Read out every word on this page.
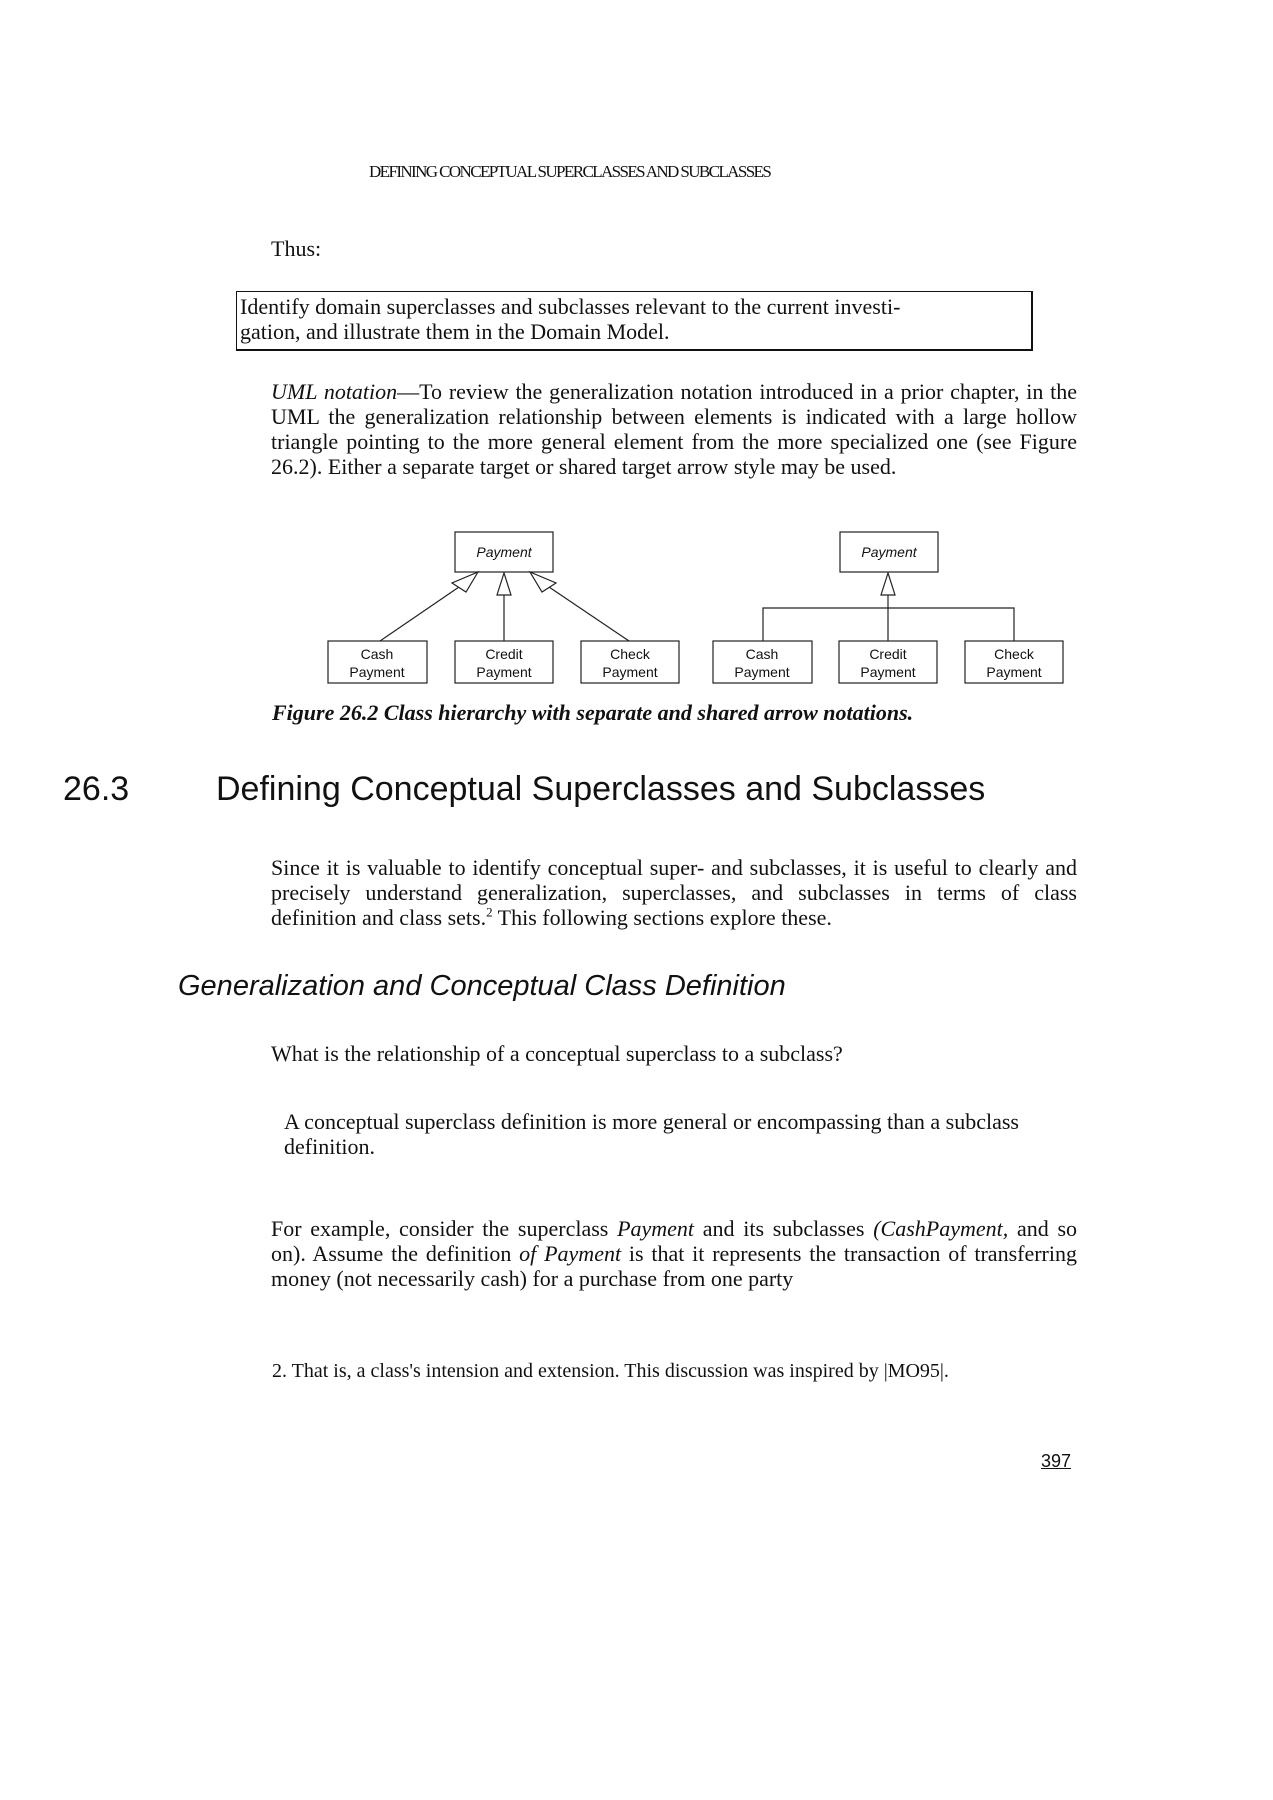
DEFINING CONCEPTUAL SUPERCLASSES AND SUBCLASSES
Thus:
Identify domain superclasses and subclasses relevant to the current investi-
gation, and illustrate them in the Domain Model.
UML notation—To review the generalization notation introduced in a prior chapter, in the UML the generalization relationship between elements is indicated with a large hollow triangle pointing to the more general element from the more specialized one (see Figure 26.2). Either a separate target or shared target arrow style may be used.
Payment
Cash
Payment
Credit
Payment
Check
Payment
Payment
Cash
Payment
Credit
Payment
Check
Payment
Figure 26.2 Class hierarchy with separate and shared arrow notations.
26.3	Defining Conceptual Superclasses and Subclasses
Since it is valuable to identify conceptual super- and subclasses, it is useful to clearly and precisely understand generalization, superclasses, and subclasses in terms of class definition and class sets.$^2$ This following sections explore these.
Generalization and Conceptual Class Definition
What is the relationship of a conceptual superclass to a subclass?
A conceptual superclass definition is more general or encompassing than a subclass definition.
For example, consider the superclass Payment and its subclasses (CashPayment, and so on). Assume the definition of Payment is that it represents the transaction of transferring money (not necessarily cash) for a purchase from one party
2. That is, a class's intension and extension. This discussion was inspired by |MO95|.
397
